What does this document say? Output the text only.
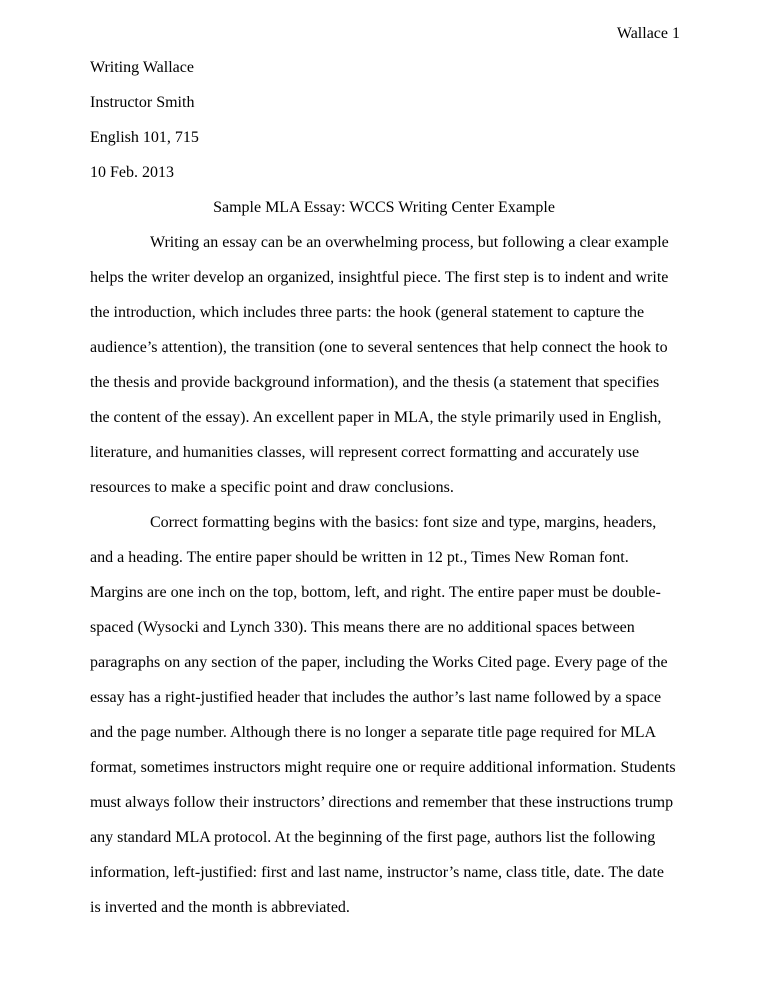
Wallace 1

Writing Wallace

Instructor Smith

English 101, 715

10 Feb. 2013

Sample MLA Essay: WCCS Writing Center Example

Writing an essay can be an overwhelming process, but following a clear example helps the writer develop an organized, insightful piece. The first step is to indent and write the introduction, which includes three parts: the hook (general statement to capture the audience’s attention), the transition (one to several sentences that help connect the hook to the thesis and provide background information), and the thesis (a statement that specifies the content of the essay). An excellent paper in MLA, the style primarily used in English, literature, and humanities classes, will represent correct formatting and accurately use resources to make a specific point and draw conclusions.

Correct formatting begins with the basics: font size and type, margins, headers, and a heading. The entire paper should be written in 12 pt., Times New Roman font. Margins are one inch on the top, bottom, left, and right. The entire paper must be double-spaced (Wysocki and Lynch 330). This means there are no additional spaces between paragraphs on any section of the paper, including the Works Cited page. Every page of the essay has a right-justified header that includes the author’s last name followed by a space and the page number. Although there is no longer a separate title page required for MLA format, sometimes instructors might require one or require additional information. Students must always follow their instructors’ directions and remember that these instructions trump any standard MLA protocol. At the beginning of the first page, authors list the following information, left-justified: first and last name, instructor’s name, class title, date. The date is inverted and the month is abbreviated.
